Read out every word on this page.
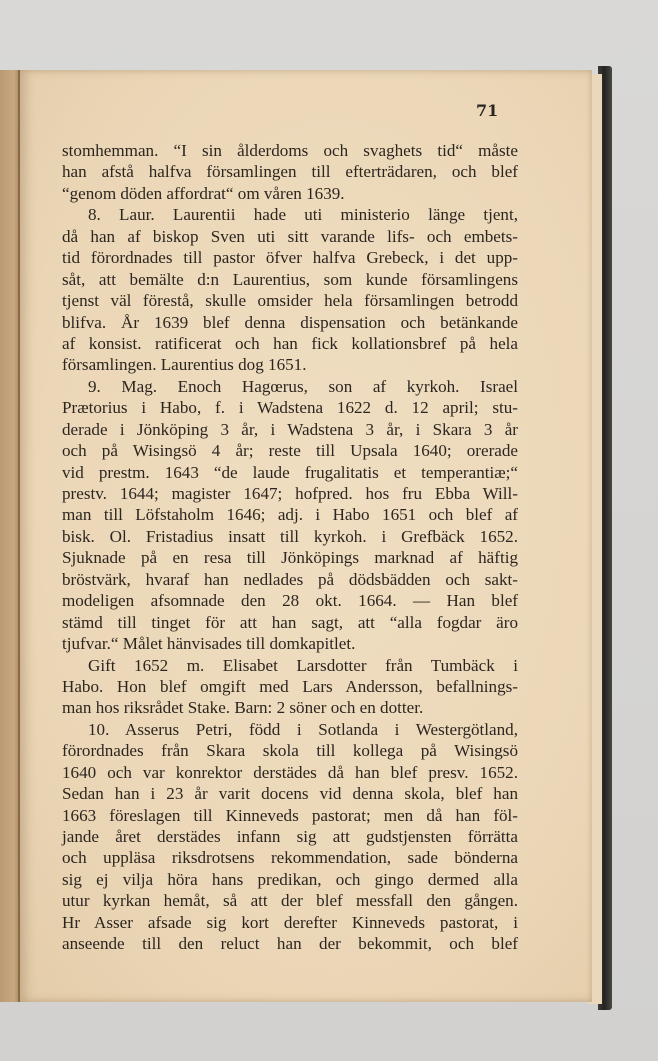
71
stomhemman. “I sin ålderdoms och svaghets tid“ måste
han afstå halfva församlingen till efterträdaren, och blef
“genom döden affordrat“ om våren 1639.
8. Laur. Laurentii hade uti ministerio länge tjent,
då han af biskop Sven uti sitt varande lifs- och embets-
tid förordnades till pastor öfver halfva Grebeck, i det upp-
såt, att bemälte d:n Laurentius, som kunde församlingens
tjenst väl förestå, skulle omsider hela församlingen betrodd
blifva. År 1639 blef denna dispensation och betänkande
af konsist. ratificerat och han fick kollationsbref på hela
församlingen. Laurentius dog 1651.
9. Mag. Enoch Hagœrus, son af kyrkoh. Israel
Prætorius i Habo, f. i Wadstena 1622 d. 12 april; stu-
derade i Jönköping 3 år, i Wadstena 3 år, i Skara 3 år
och på Wisingsö 4 år; reste till Upsala 1640; orerade
vid prestm. 1643 “de laude frugalitatis et temperantiæ;“
prestv. 1644; magister 1647; hofpred. hos fru Ebba Will-
man till Löfstaholm 1646; adj. i Habo 1651 och blef af
bisk. Ol. Fristadius insatt till kyrkoh. i Grefbäck 1652.
Sjuknade på en resa till Jönköpings marknad af häftig
bröstvärk, hvaraf han nedlades på dödsbädden och sakt-
modeligen afsomnade den 28 okt. 1664. — Han blef
stämd till tinget för att han sagt, att “alla fogdar äro
tjufvar.“ Målet hänvisades till domkapitlet.
Gift 1652 m. Elisabet Larsdotter från Tumbäck i
Habo. Hon blef omgift med Lars Andersson, befallnings-
man hos riksrådet Stake. Barn: 2 söner och en dotter.
10. Asserus Petri, född i Sotlanda i Westergötland,
förordnades från Skara skola till kollega på Wisingsö
1640 och var konrektor derstädes då han blef presv. 1652.
Sedan han i 23 år varit docens vid denna skola, blef han
1663 föreslagen till Kinneveds pastorat; men då han föl-
jande året derstädes infann sig att gudstjensten förrätta
och uppläsa riksdrotsens rekommendation, sade bönderna
sig ej vilja höra hans predikan, och gingo dermed alla
utur kyrkan hemåt, så att der blef messfall den gången.
Hr Asser afsade sig kort derefter Kinneveds pastorat, i
anseende till den reluct han der bekommit, och blef
